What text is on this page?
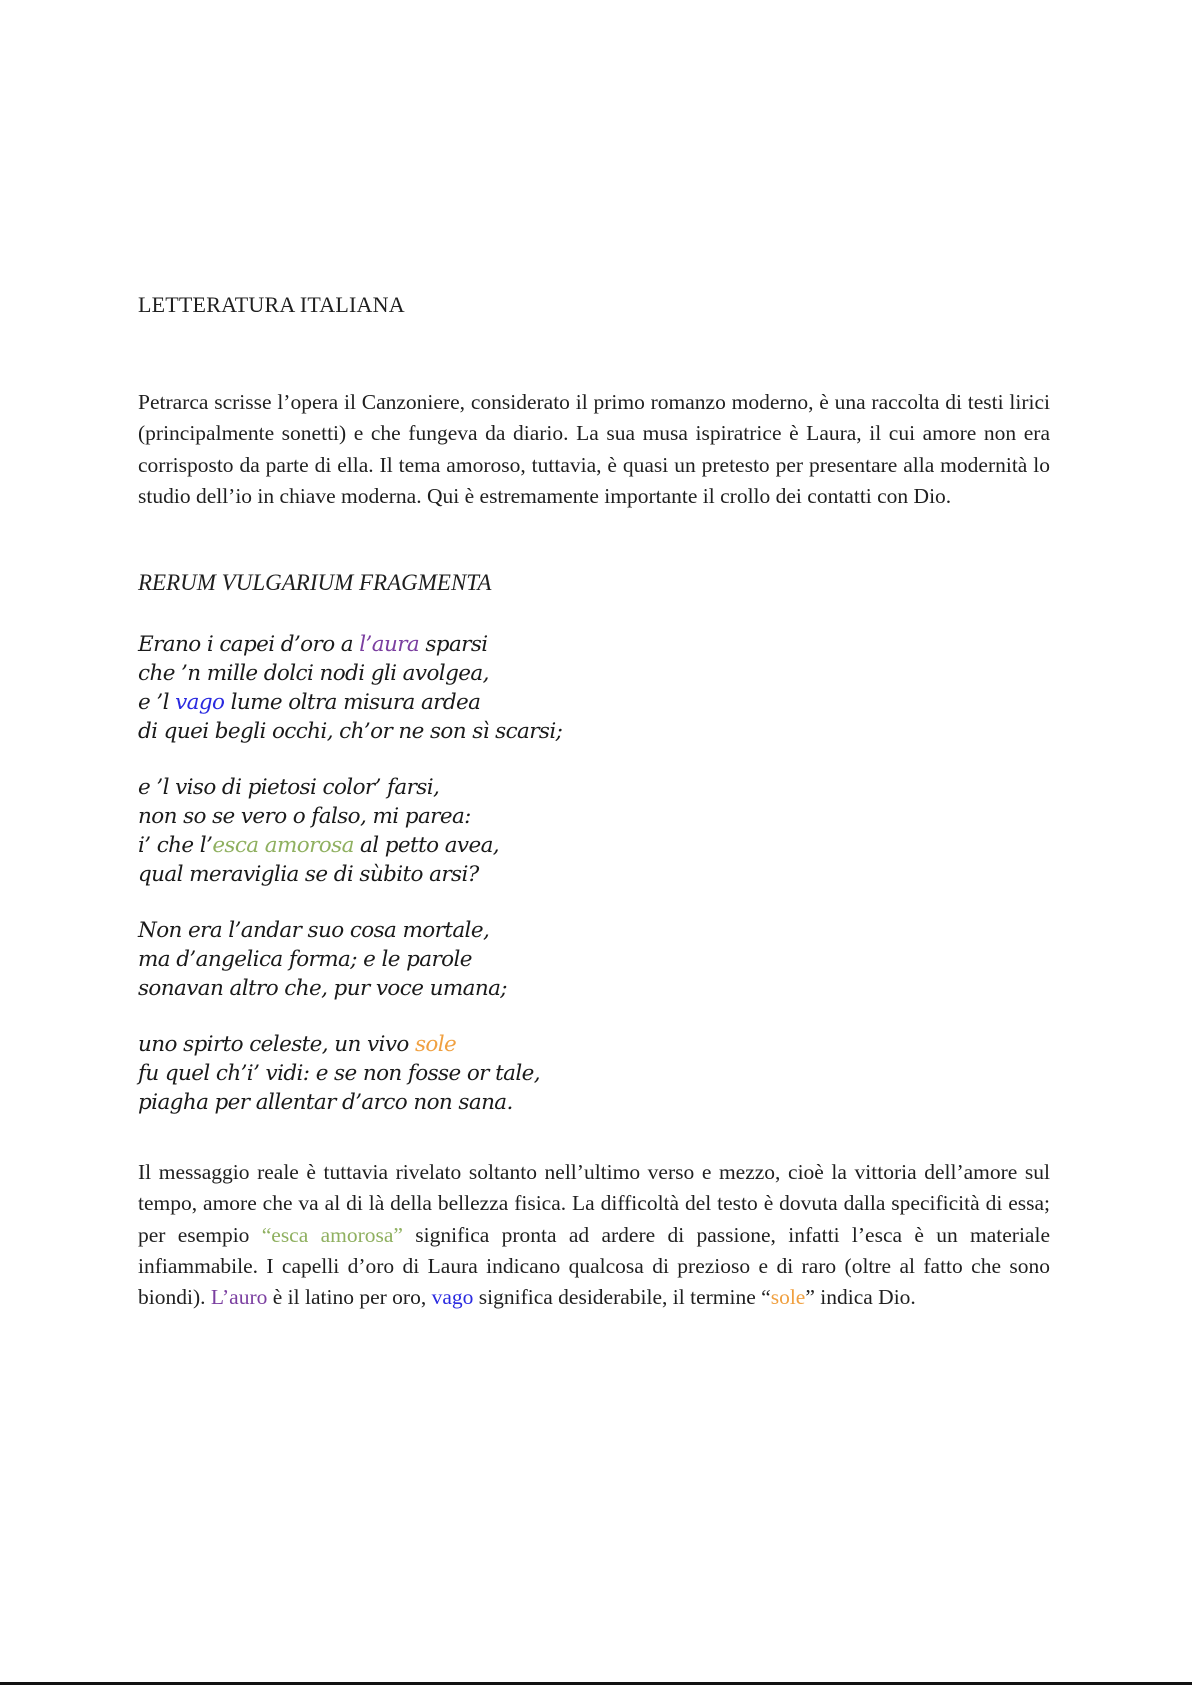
LETTERATURA ITALIANA
Petrarca scrisse l’opera il Canzoniere, considerato il primo romanzo moderno, è una raccolta di testi lirici (principalmente sonetti) e che fungeva da diario. La sua musa ispiratrice è Laura, il cui amore non era corrisposto da parte di ella. Il tema amoroso, tuttavia, è quasi un pretesto per presentare alla modernità lo studio dell’io in chiave moderna. Qui è estremamente importante il crollo dei contatti con Dio.
RERUM VULGARIUM FRAGMENTA
Erano i capei d’oro a l’aura sparsi
che ’n mille dolci nodi gli avolgea,
e ’l vago lume oltra misura ardea
di quei begli occhi, ch’or ne son sì scarsi;
e ’l viso di pietosi color’ farsi,
non so se vero o falso, mi parea:
i’ che l’esca amorosa al petto avea,
qual meraviglia se di sùbito arsi?
Non era l’andar suo cosa mortale,
ma d’angelica forma; e le parole
sonavan altro che, pur voce umana;
uno spirto celeste, un vivo sole
fu quel ch’i’ vidi: e se non fosse or tale,
piagha per allentar d’arco non sana.
Il messaggio reale è tuttavia rivelato soltanto nell’ultimo verso e mezzo, cioè la vittoria dell’amore sul tempo, amore che va al di là della bellezza fisica. La difficoltà del testo è dovuta dalla specificità di essa; per esempio “esca amorosa” significa pronta ad ardere di passione, infatti l’esca è un materiale infiammabile. I capelli d’oro di Laura indicano qualcosa di prezioso e di raro (oltre al fatto che sono biondi). L’auro è il latino per oro, vago significa desiderabile, il termine “sole” indica Dio.
